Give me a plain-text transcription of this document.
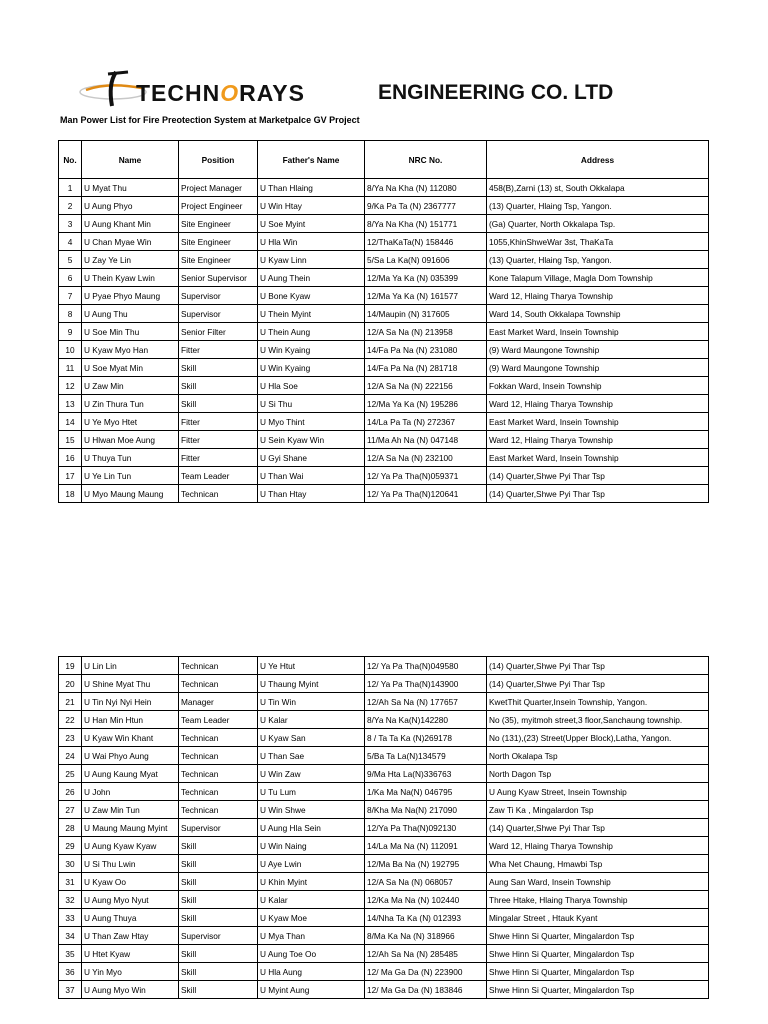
TECHNORAYS	ENGINEERING CO. LTD
Man Power List for Fire Preotection System at Marketpalce GV Project
No.	Name	Position	Father's Name	NRC No.	Address
1	U Myat Thu	Project Manager	U Than Hlaing	8/Ya Na Kha (N) 112080	458(B),Zarni (13) st, South Okkalapa
2	U Aung Phyo	Project Engineer	U Win Htay	9/Ka Pa Ta (N) 2367777	(13) Quarter, Hlaing Tsp, Yangon.
3	U Aung Khant Min	Site Engineer	U Soe Myint	8/Ya Na Kha (N) 151771	(Ga) Quarter, North Okkalapa Tsp.
4	U Chan Myae Win	Site Engineer	U Hla Win	12/ThaKaTa(N) 158446	1055,KhinShweWar 3st, ThaKaTa
5	U Zay Ye Lin	Site Engineer	U Kyaw Linn	5/Sa La Ka(N) 091606	(13) Quarter, Hlaing Tsp, Yangon.
6	U Thein Kyaw Lwin	Senior Supervisor	U Aung Thein	12/Ma Ya Ka (N) 035399	Kone Talapum Village, Magla Dom Township
7	U Pyae Phyo Maung	Supervisor	U Bone Kyaw	12/Ma Ya Ka (N) 161577	Ward 12, Hlaing Tharya Township
8	U Aung Thu	Supervisor	U Thein Myint	14/Maupin (N) 317605	Ward 14, South Okkalapa Township
9	U Soe Min Thu	Senior Filter	U Thein Aung	12/A Sa Na (N) 213958	East Market Ward, Insein Township
10	U Kyaw Myo Han	Fitter	U Win Kyaing	14/Fa Pa Na (N) 231080	(9) Ward Maungone Township
11	U Soe Myat Min	Skill	U Win Kyaing	14/Fa Pa Na (N) 281718	(9) Ward Maungone Township
12	U Zaw Min	Skill	U Hla Soe	12/A Sa Na (N) 222156	Fokkan Ward, Insein Township
13	U Zin Thura Tun	Skill	U Si Thu	12/Ma Ya Ka (N) 195286	Ward 12, Hlaing Tharya Township
14	U Ye Myo Htet	Fitter	U Myo Thint	14/La Pa Ta (N) 272367	East Market Ward, Insein Township
15	U Hlwan Moe Aung	Fitter	U Sein Kyaw Win	11/Ma Ah Na (N) 047148	Ward 12, Hlaing Tharya Township
16	U Thuya Tun	Fitter	U Gyi Shane	12/A Sa Na (N) 232100	East Market Ward, Insein Township
17	U Ye Lin Tun	Team Leader	U Than Wai	12/ Ya Pa Tha(N)059371	(14) Quarter,Shwe Pyi Thar Tsp
18	U Myo Maung Maung	Technican	U Than Htay	12/ Ya Pa Tha(N)120641	(14) Quarter,Shwe Pyi Thar Tsp
19	U Lin Lin	Technican	U Ye Htut	12/ Ya Pa Tha(N)049580	(14) Quarter,Shwe Pyi Thar Tsp
20	U Shine Myat Thu	Technican	U Thaung Myint	12/ Ya Pa Tha(N)143900	(14) Quarter,Shwe Pyi Thar Tsp
21	U Tin Nyi Nyi Hein	Manager	U Tin Win	12/Ah Sa Na (N) 177657	KwetThit Quarter,Insein Township, Yangon.
22	U Han Min Htun	Team Leader	U Kalar	8/Ya Na Ka(N)142280	No (35), myitmoh street,3 floor,Sanchaung township.
23	U Kyaw Win Khant	Technican	U Kyaw San	8 / Ta Ta Ka (N)269178	No (131),(23) Street(Upper Block),Latha, Yangon.
24	U Wai Phyo Aung	Technican	U Than Sae	5/Ba Ta La(N)134579	North Okalapa Tsp
25	U Aung Kaung Myat	Technican	U Win Zaw	9/Ma Hta La(N)336763	North Dagon Tsp
26	U John	Technican	U Tu Lum	1/Ka Ma Na(N) 046795	U Aung Kyaw Street, Insein Township
27	U Zaw Min Tun	Technican	U Win Shwe	8/Kha Ma Na(N) 217090	Zaw Ti Ka , Mingalardon Tsp
28	U Maung Maung Myint	Supervisor	U Aung Hla Sein	12/Ya Pa Tha(N)092130	(14) Quarter,Shwe Pyi Thar Tsp
29	U Aung Kyaw Kyaw	Skill	U Win Naing	14/La Ma Na (N) 112091	Ward 12, Hlaing Tharya Township
30	U Si Thu Lwin	Skill	U Aye Lwin	12/Ma Ba Na (N) 192795	Wha Net Chaung, Hmawbi Tsp
31	U Kyaw Oo	Skill	U Khin Myint	12/A Sa Na (N) 068057	Aung San Ward, Insein Township
32	U Aung Myo Nyut	Skill	U Kalar	12/Ka Ma Na (N) 102440	Three Htake, Hlaing Tharya Township
33	U Aung Thuya	Skill	U Kyaw Moe	14/Nha Ta Ka (N) 012393	Mingalar Street , Htauk Kyant
34	U Than Zaw Htay	Supervisor	U Mya Than	8/Ma Ka Na (N) 318966	Shwe Hinn Si Quarter, Mingalardon Tsp
35	U Htet Kyaw	Skill	U Aung Toe Oo	12/Ah Sa Na (N) 285485	Shwe Hinn Si Quarter, Mingalardon Tsp
36	U Yin Myo	Skill	U Hla Aung	12/ Ma Ga Da (N) 223900	Shwe Hinn Si Quarter, Mingalardon Tsp
37	U Aung Myo Win	Skill	U Myint Aung	12/ Ma Ga Da (N) 183846	Shwe Hinn Si Quarter, Mingalardon Tsp
